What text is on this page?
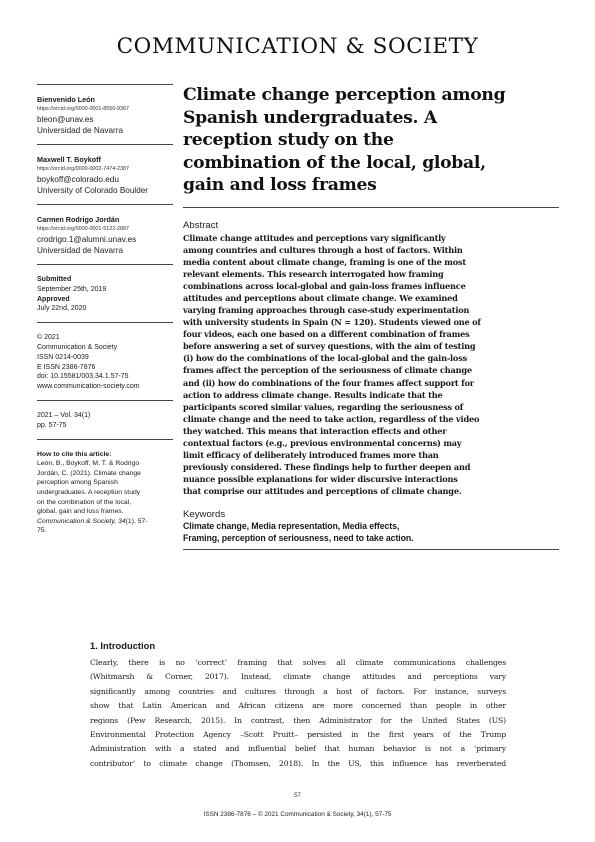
COMMUNICATION & SOCIETY
Bienvenido León
https://orcid.org/0000-0001-8556-9367
bleon@unav.es
Universidad de Navarra
Maxwell T. Boykoff
https://orcid.org/0000-0002-7474-2387
boykoff@colorado.edu
University of Colorado Boulder
Carmen Rodrigo Jordán
https://orcid.org/0000-0001-5122-2887
crodrigo.1@alumni.unav.es
Universidad de Navarra
Submitted
September 25th, 2019
Approved
July 22nd, 2020
© 2021
Communication & Society
ISSN 0214-0039
E ISSN 2386-7876
doi: 10.15581/003.34.1.57-75
www.communication-society.com
2021 – Vol. 34(1)
pp. 57-75
How to cite this article:
León, B., Boykoff, M. T. & Rodrigo
Jordán, C. (2021). Climate change
perception among Spanish
undergraduates. A reception study
on the combination of the local,
global, gain and loss frames.
Communication & Society, 34(1), 57-
75.
Climate change perception among
Spanish undergraduates. A
reception study on the
combination of the local, global,
gain and loss frames
Abstract
Climate change attitudes and perceptions vary significantly
among countries and cultures through a host of factors. Within
media content about climate change, framing is one of the most
relevant elements. This research interrogated how framing
combinations across local-global and gain-loss frames influence
attitudes and perceptions about climate change. We examined
varying framing approaches through case-study experimentation
with university students in Spain (N = 120). Students viewed one of
four videos, each one based on a different combination of frames
before answering a set of survey questions, with the aim of testing
(i) how do the combinations of the local-global and the gain-loss
frames affect the perception of the seriousness of climate change
and (ii) how do combinations of the four frames affect support for
action to address climate change. Results indicate that the
participants scored similar values, regarding the seriousness of
climate change and the need to take action, regardless of the video
they watched. This means that interaction effects and other
contextual factors (e.g., previous environmental concerns) may
limit efficacy of deliberately introduced frames more than
previously considered. These findings help to further deepen and
nuance possible explanations for wider discursive interactions
that comprise our attitudes and perceptions of climate change.
Keywords
Climate change, Media representation, Media effects,
Framing, perception of seriousness, need to take action.
1. Introduction
Clearly, there is no ‘correct’ framing that solves all climate communications challenges
(Whitmarsh & Corner, 2017). Instead, climate change attitudes and perceptions vary
significantly among countries and cultures through a host of factors. For instance, surveys
show that Latin American and African citizens are more concerned than people in other
regions (Pew Research, 2015). In contrast, then Administrator for the United States (US)
Environmental Protection Agency –Scott Pruitt– persisted in the first years of the Trump
Administration with a stated and influential belief that human behavior is not a ‘primary
contributor’ to climate change (Thomsen, 2018). In the US, this influence has reverberated
57
ISSN 2386-7876 – © 2021 Communication & Society, 34(1), 57-75
